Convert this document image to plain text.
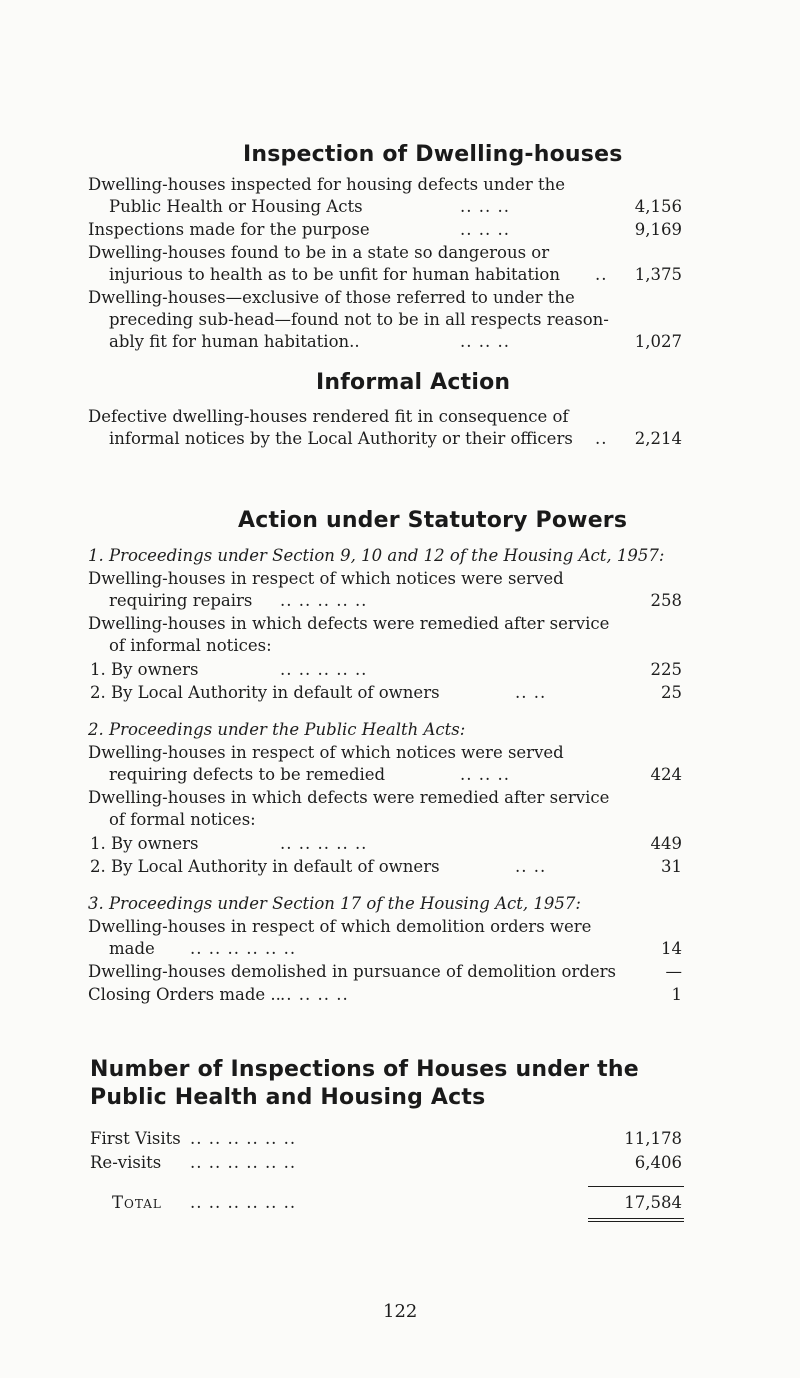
Inspection of Dwelling-houses
Dwelling-houses inspected for housing defects under the
Public Health or Housing Acts	.. .. ..	4,156
Inspections made for the purpose	.. .. ..	9,169
Dwelling-houses found to be in a state so dangerous or
injurious to health as to be unfit for human habitation ..	1,375
Dwelling-houses—exclusive of those referred to under the
preceding sub-head—found not to be in all respects reason-
ably fit for human habitation..	.. .. ..	1,027
Informal Action
Defective dwelling-houses rendered fit in consequence of
informal notices by the Local Authority or their officers ..	2,214
Action under Statutory Powers
1. Proceedings under Section 9, 10 and 12 of the Housing Act, 1957:
Dwelling-houses in respect of which notices were served
requiring repairs .. .. .. .. ..	258
Dwelling-houses in which defects were remedied after service
of informal notices:
1. By owners	.. .. .. .. ..	225
2. By Local Authority in default of owners	.. ..	25
2. Proceedings under the Public Health Acts:
Dwelling-houses in respect of which notices were served
requiring defects to be remedied	.. .. ..	424
Dwelling-houses in which defects were remedied after service
of formal notices:
1. By owners	.. .. .. .. ..	449
2. By Local Authority in default of owners	.. ..	31
3. Proceedings under Section 17 of the Housing Act, 1957:
Dwelling-houses in respect of which demolition orders were
made .. .. .. .. .. ..	14
Dwelling-houses demolished in pursuance of demolition orders	—
Closing Orders made .. .. .. .. ..	1
Number of Inspections of Houses under the
Public Health and Housing Acts
First Visits .. .. .. .. .. ..	11,178
Re-visits .. .. .. .. .. ..	6,406
Total .. .. .. .. .. ..	17,584
122
